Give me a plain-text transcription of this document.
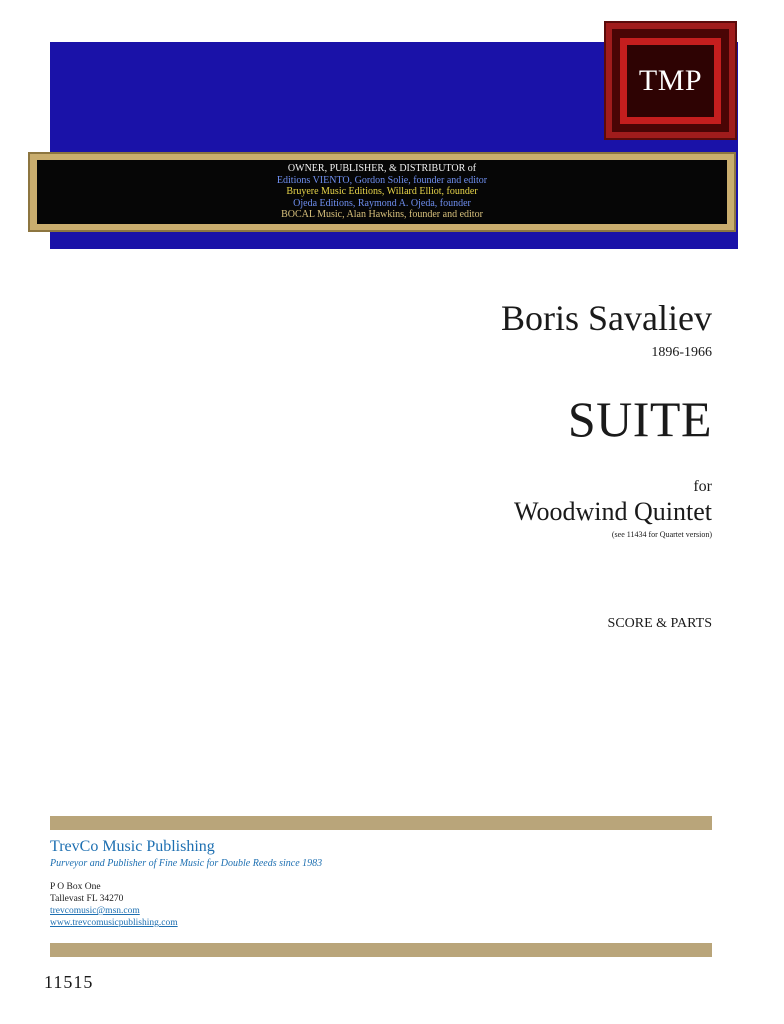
OWNER, PUBLISHER, & DISTRIBUTOR of
Editions VIENTO, Gordon Solie, founder and editor
Bruyere Music Editions, Willard Elliot, founder
Ojeda Editions, Raymond A. Ojeda, founder
BOCAL Music, Alan Hawkins, founder and editor
TMP
Boris Savaliev
1896-1966
SUITE
for
Woodwind Quintet
(see 11434 for Quartet version)
SCORE & PARTS
TrevCo Music Publishing
Purveyor and Publisher of Fine Music for Double Reeds since 1983
P O Box One
Tallevast FL 34270
trevcomusic@msn.com
www.trevcomusicpublishing.com
11515
